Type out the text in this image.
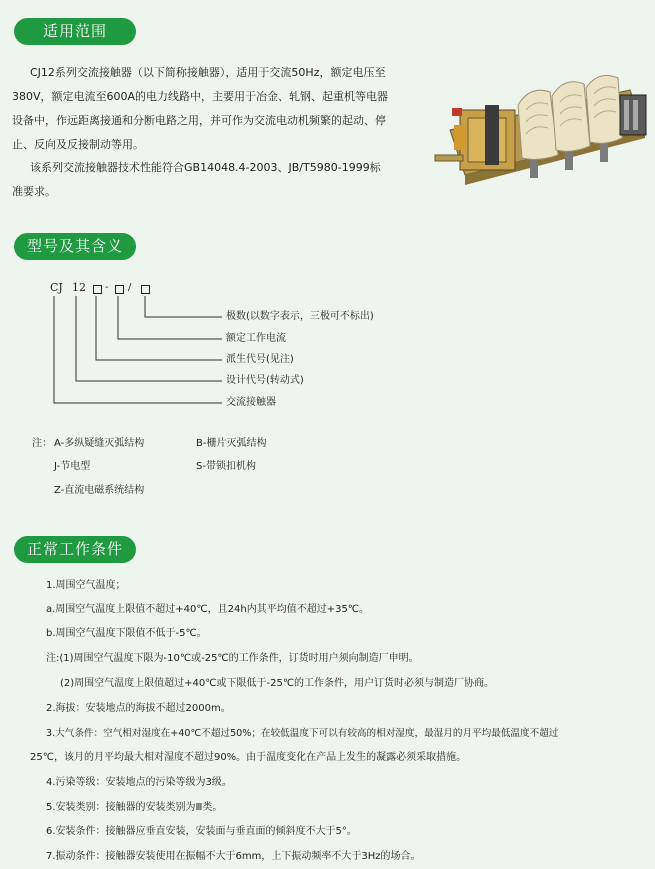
适用范围
CJ12系列交流接触器（以下简称接触器），适用于交流50Hz，额定电压至
380V，额定电流至600A的电力线路中，主要用于冶金、轧钢、起重机等电器
设备中，作远距离接通和分断电路之用，并可作为交流电动机频繁的起动、停
止、反向及反接制动等用。
该系列交流接触器技术性能符合GB14048.4-2003、JB/T5980-1999标
准要求。
型号及其含义
CJ 12 - /
极数(以数字表示，三极可不标出)
额定工作电流
派生代号(见注)
设计代号(转动式)
交流接触器
注： A-多纵疑缝灭弧结构	B-栅片灭弧结构
J-节电型	S-带锁扣机构
Z-直流电磁系统结构
正常工作条件
1.周围空气温度；
a.周围空气温度上限值不超过+40℃，且24h内其平均值不超过+35℃。
b.周围空气温度下限值不低于-5℃。
注:(1)周围空气温度下限为-10℃或-25℃的工作条件，订货时用户须向制造厂申明。
(2)周围空气温度上限值超过+40℃或下限低于-25℃的工作条件，用户订货时必须与制造厂协商。
2.海拔：安装地点的海拔不超过2000m。
3.大气条件：空气相对湿度在+40℃不超过50%；在较低温度下可以有较高的相对湿度，最湿月的月平均最低温度不超过
25℃，该月的月平均最大相对湿度不超过90%。由于温度变化在产品上发生的凝露必须采取措施。
4.污染等级：安装地点的污染等级为3级。
5.安装类别：接触器的安装类别为Ⅲ类。
6.安装条件：接触器应垂直安装，安装面与垂直面的倾斜度不大于5°。
7.振动条件：接触器安装使用在振幅不大于6mm，上下振动频率不大于3Hz的场合。
